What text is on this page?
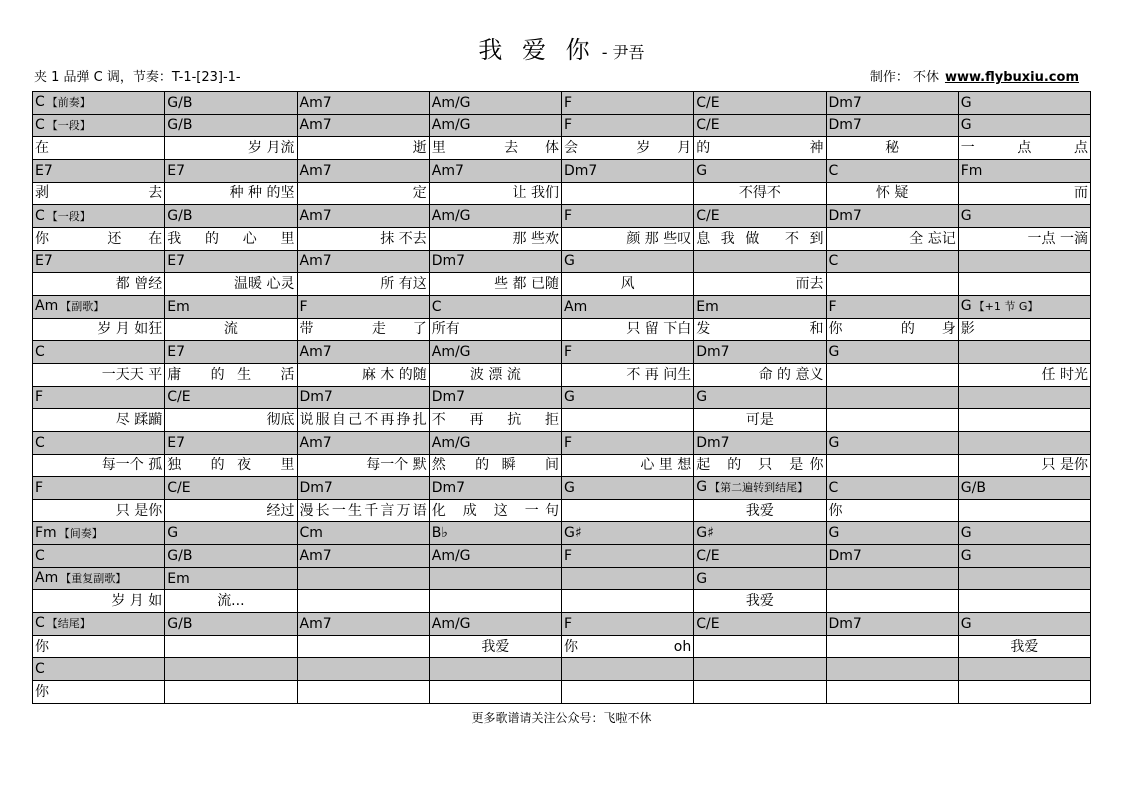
我 爱 你 - 尹吾
夹 1 品弹 C 调，节奏：T-1-[23]-1-	制作： 不休 www.flybuxiu.com
C 【前奏】	G/B	Am7	Am/G	F	C/E	Dm7	G
C 【一段】	G/B	Am7	Am/G	F	C/E	Dm7	G
在	岁 月流	逝	里 去体	会 岁月	的 神	秘	一 点 点
E7	E7	Am7	Am7	Dm7	G	C	Fm
剥 去	种 种 的坚	定	让 我们		不得不	怀 疑	而
C 【一段】	G/B	Am7	Am/G	F	C/E	Dm7	G
你 还在	我 的 心 里	抹 不去	那 些欢	颜 那 些叹	息我做 不到	全 忘记	一点 一滴
E7	E7	Am7	Dm7	G		C	
都 曾经	温暖 心灵	所 有这	些 都 已随	风	而去		
Am 【副歌】	Em	F	C	Am	Em	F	G 【+1 节 G】
岁 月 如狂	流	带 走了	所有	只 留 下白	发 和	你 的身	影
C	E7	Am7	Am/G	F	Dm7	G	
一天天 平	庸 的生 活	麻 木 的随	波 漂 流	不 再 问生	命 的 意义		任 时光
F	C/E	Dm7	Dm7	G	G		
尽 蹂躏	彻底	说服自己不再挣扎	不 再 抗 拒		可是		
C	E7	Am7	Am/G	F	Dm7	G	
每一个 孤	独 的夜 里	每一个 默	然 的瞬 间	心 里 想	起 的 只 是你		只 是你
F	C/E	Dm7	Dm7	G	G 【第二遍转到结尾】	C	G/B
只 是你	经过	漫长一生千言万语	化 成 这 一句		我爱	你	
Fm 【间奏】	G	Cm	B♭	G♯	G♯	G	G
C	G/B	Am7	Am/G	F	C/E	Dm7	G
Am 【重复副歌】	Em				G		
岁 月 如	流...				我爱		
C 【结尾】	G/B	Am7	Am/G	F	C/E	Dm7	G
你			我爱	你 oh			我爱
C							
你							
更多歌谱请关注公众号：飞啦不休
